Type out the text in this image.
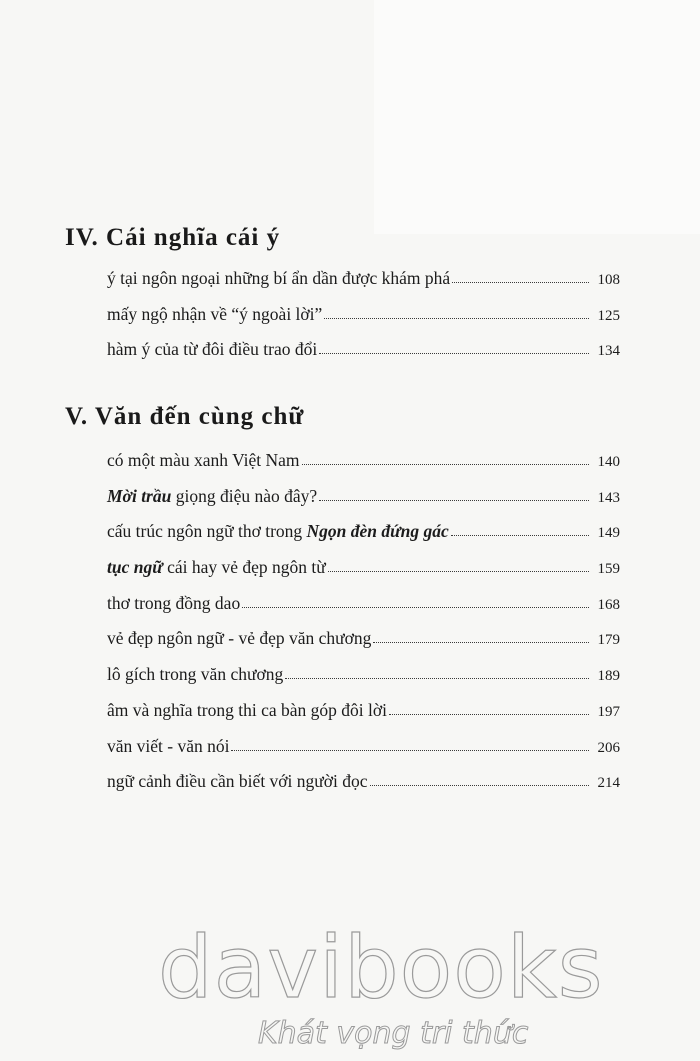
IV. Cái nghĩa cái ý
ý tại ngôn ngoại những bí ẩn dần được khám phá	108
mấy ngộ nhận về “ý ngoài lời”	125
hàm ý của từ đôi điều trao đổi	134
V. Văn đến cùng chữ
có một màu xanh Việt Nam	140
Mời trầu giọng điệu nào đây?	143
cấu trúc ngôn ngữ thơ trong Ngọn đèn đứng gác	149
tục ngữ cái hay vẻ đẹp ngôn từ	159
thơ trong đồng dao	168
vẻ đẹp ngôn ngữ - vẻ đẹp văn chương	179
lô gích trong văn chương	189
âm và nghĩa trong thi ca bàn góp đôi lời	197
văn viết - văn nói	206
ngữ cảnh điều cần biết với người đọc	214
davibooks
Khát vọng tri thức
